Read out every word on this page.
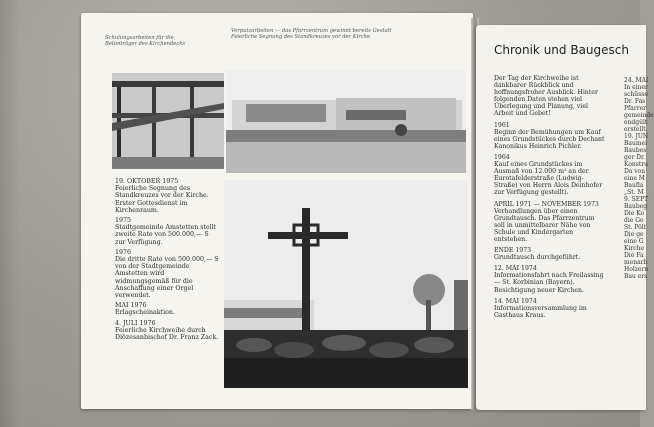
Schulungsarbeiten für die
Betonträger des Kirchendecks
Verputzarbeiten — das Pfarrzentrum gewinnt bereits Gestalt
Feierliche Segnung des Standkreuzes vor der Kirche
19. OKTOBER 1975
Feierliche Segnung des Standkreuzes vor der Kirche.
Erster Gottesdienst im Kirchenraum.
1975
Stadtgemeinde Amstetten stellt zweite Rate von 500.000,— S zur Verfügung.
1976
Die dritte Rate von 500.000,— S von der Stadtgemeinde Amstetten wird widmungsgemäß für die Anschaffung einer Orgel verwendet.
MAI 1976
Erlagscheinaktion.
4. JULI 1976
Feierliche Kirchweihe durch Diözesanbischof Dr. Franz Zack.
Chronik und Baugesch
Der Tag der Kirchweihe ist dankbarer Rückblick und hoffnungsfroher Ausblick. Hinter folgenden Daten stehen viel Überlegung und Planung, viel Arbeit und Gebet!
1961
Beginn der Bemühungen um Kauf eines Grundstückes durch Dechant Kanonikus Heinrich Pichler.
1964
Kauf eines Grundstückes im Ausmaß von 12.000 m² an der Eurotafelderstraße (Ludwig-Straße) von Herrn Alois Deinhofer zur Verfügung gestellt).
APRIL 1971 — NOVEMBER 1973
Verhandlungen über einen Grundtausch. Das Pfarrzentrum soll in unmittelbarer Nähe von Schule und Kindergarten entstehen.
ENDE 1973
Grundtausch durchgeführt.
12. MAI 1974
Informationsfahrt nach Freilassing — St. Korbinian (Bayern). Besichtigung neuer Kirchen.
14. MAI 1974
Informationsversammlung im Gasthaus Kraus.
24. MAI
In einer
schüsse
Dr. Fas
Pfarrer
gemeinde
endgült
erstellt.
19. JUN
Baumei
Baubes
ger Dr.
Konstru
Da von
eine M
Baufla
„St. M
9. SEPT
Baubeg
Die Ko
die Ge
St. Pölt
Die ge
eine G
Kirche
Die Fa
menarb
Holzern
Bau ers
